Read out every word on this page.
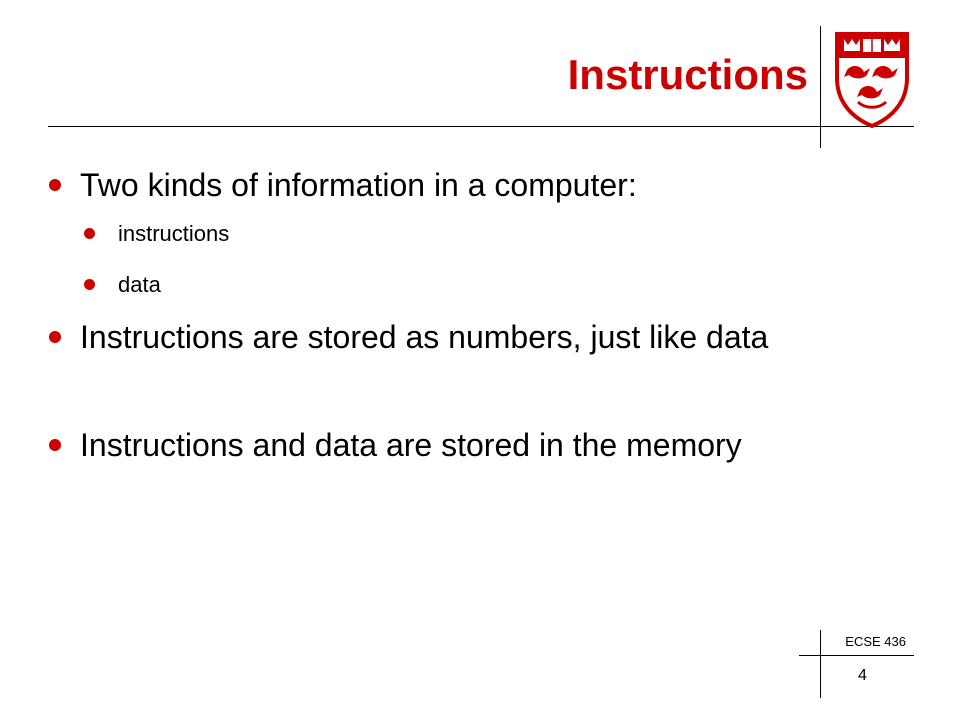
Instructions
Two kinds of information in a computer:
instructions
data
Instructions are stored as numbers, just like data
Instructions and data are stored in the memory
ECSE 436
4
